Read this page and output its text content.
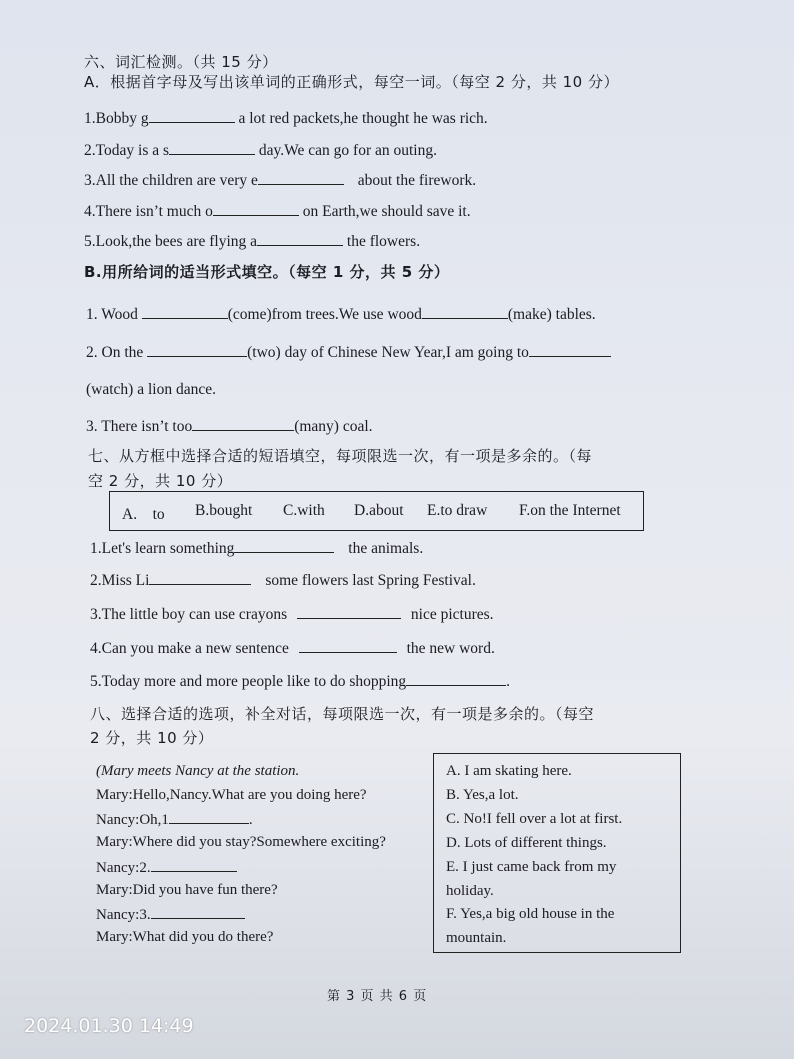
六、词汇检测。（共 15 分）
A．根据首字母及写出该单词的正确形式，每空一词。（每空 2 分，共 10 分）
1.Bobby g	a lot red packets,he thought he was rich.
2.Today is a s	day.We can go for an outing.
3.All the children are very e	about the firework.
4.There isn’t much o	on Earth,we should save it.
5.Look,the bees are flying a	the flowers.
B.用所给词的适当形式填空。（每空 1 分，共 5 分）
1. Wood	(come)from trees.We use wood	(make) tables.
2. On the	(two) day of Chinese New Year,I am going to
(watch) a lion dance.
3. There isn’t too	(many) coal.
七、从方框中选择合适的短语填空，每项限选一次，有一项是多余的。（每
空 2 分，共 10 分）
A.　to B.bought C.with D.about E.to draw F.on the Internet
1.Let's learn something	the animals.
2.Miss Li	some flowers last Spring Festival.
3.The little boy can use crayons	nice pictures.
4.Can you make a new sentence	the new word.
5.Today more and more people like to do shopping	.
八、选择合适的选项，补全对话，每项限选一次，有一项是多余的。（每空
2 分，共 10 分）
(Mary meets Nancy at the station.
Mary:Hello,Nancy.What are you doing here?
Nancy:Oh,1	.
Mary:Where did you stay?Somewhere exciting?
Nancy:2.
Mary:Did you have fun there?
Nancy:3.
Mary:What did you do there?
A. I am skating here.
B. Yes,a lot.
C. No!I fell over a lot at first.
D. Lots of different things.
E. I just came back from my
holiday.
F. Yes,a big old house in the
mountain.
第 3 页 共 6 页
2024.01.30 14:49
